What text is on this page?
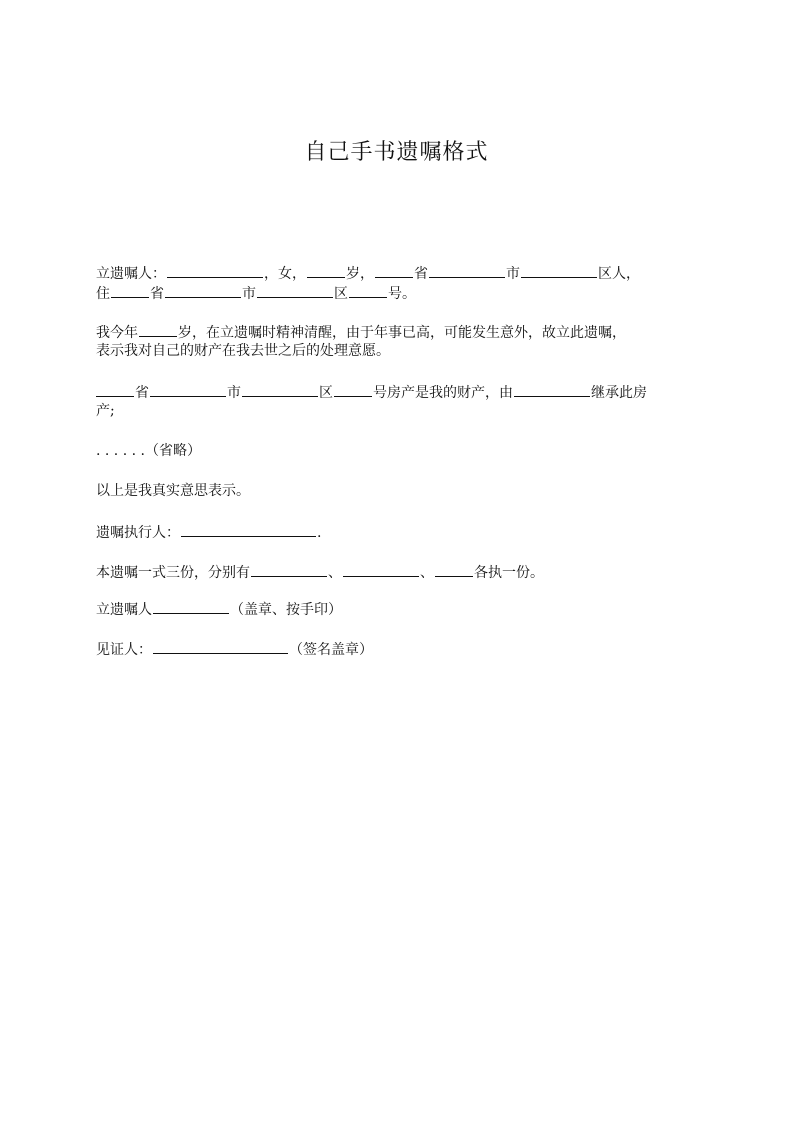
自己手书遗嘱格式
立遗嘱人：	，女，	岁，	省	市	区人，
住	省	市	区	号。
我今年	岁，在立遗嘱时精神清醒，由于年事已高，可能发生意外，故立此遗嘱，
表示我对自己的财产在我去世之后的处理意愿。
省	市	区	号房产是我的财产，由	继承此房
产;
. . . . . .（省略）
以上是我真实意思表示。
遗嘱执行人：	.
本遗嘱一式三份，分别有	、	、	各执一份。
立遗嘱人	（盖章、按手印）
见证人：	（签名盖章）
